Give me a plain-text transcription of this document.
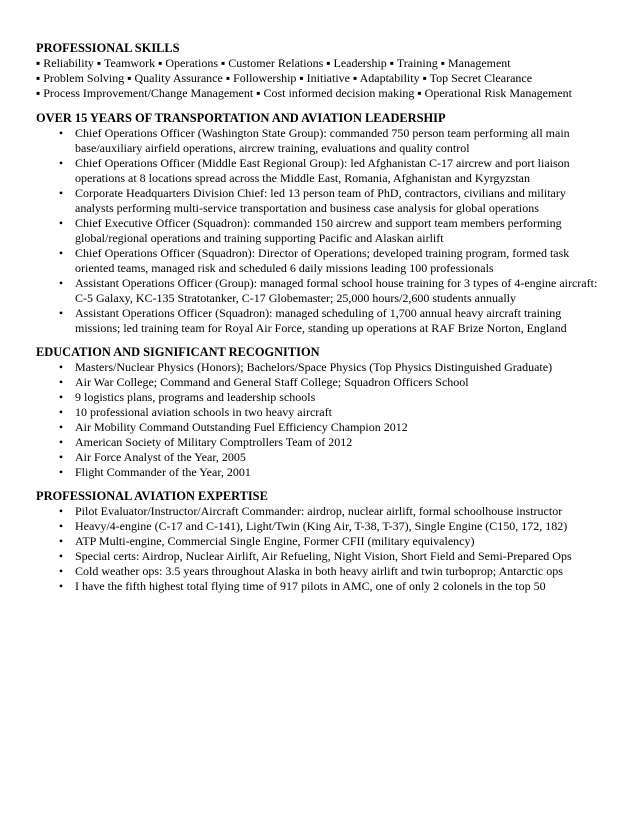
PROFESSIONAL SKILLS
▪ Reliability ▪ Teamwork ▪ Operations ▪ Customer Relations ▪ Leadership ▪ Training ▪ Management
▪ Problem Solving ▪ Quality Assurance ▪ Followership ▪ Initiative ▪ Adaptability ▪ Top Secret Clearance
▪ Process Improvement/Change Management ▪ Cost informed decision making ▪ Operational Risk Management
OVER 15 YEARS OF TRANSPORTATION AND AVIATION LEADERSHIP
• Chief Operations Officer (Washington State Group): commanded 750 person team performing all main base/auxiliary airfield operations, aircrew training, evaluations and quality control
• Chief Operations Officer (Middle East Regional Group): led Afghanistan C-17 aircrew and port liaison operations at 8 locations spread across the Middle East, Romania, Afghanistan and Kyrgyzstan
• Corporate Headquarters Division Chief: led 13 person team of PhD, contractors, civilians and military analysts performing multi-service transportation and business case analysis for global operations
• Chief Executive Officer (Squadron): commanded 150 aircrew and support team members performing global/regional operations and training supporting Pacific and Alaskan airlift
• Chief Operations Officer (Squadron): Director of Operations; developed training program, formed task oriented teams, managed risk and scheduled 6 daily missions leading 100 professionals
• Assistant Operations Officer (Group): managed formal school house training for 3 types of 4-engine aircraft: C-5 Galaxy, KC-135 Stratotanker, C-17 Globemaster; 25,000 hours/2,600 students annually
• Assistant Operations Officer (Squadron): managed scheduling of 1,700 annual heavy aircraft training missions; led training team for Royal Air Force, standing up operations at RAF Brize Norton, England
EDUCATION AND SIGNIFICANT RECOGNITION
• Masters/Nuclear Physics (Honors); Bachelors/Space Physics (Top Physics Distinguished Graduate)
• Air War College; Command and General Staff College; Squadron Officers School
• 9 logistics plans, programs and leadership schools
• 10 professional aviation schools in two heavy aircraft
• Air Mobility Command Outstanding Fuel Efficiency Champion 2012
• American Society of Military Comptrollers Team of 2012
• Air Force Analyst of the Year, 2005
• Flight Commander of the Year, 2001
PROFESSIONAL AVIATION EXPERTISE
• Pilot Evaluator/Instructor/Aircraft Commander: airdrop, nuclear airlift, formal schoolhouse instructor
• Heavy/4-engine (C-17 and C-141), Light/Twin (King Air, T-38, T-37), Single Engine (C150, 172, 182)
• ATP Multi-engine, Commercial Single Engine, Former CFII (military equivalency)
• Special certs: Airdrop, Nuclear Airlift, Air Refueling, Night Vision, Short Field and Semi-Prepared Ops
• Cold weather ops: 3.5 years throughout Alaska in both heavy airlift and twin turboprop; Antarctic ops
• I have the fifth highest total flying time of 917 pilots in AMC, one of only 2 colonels in the top 50
